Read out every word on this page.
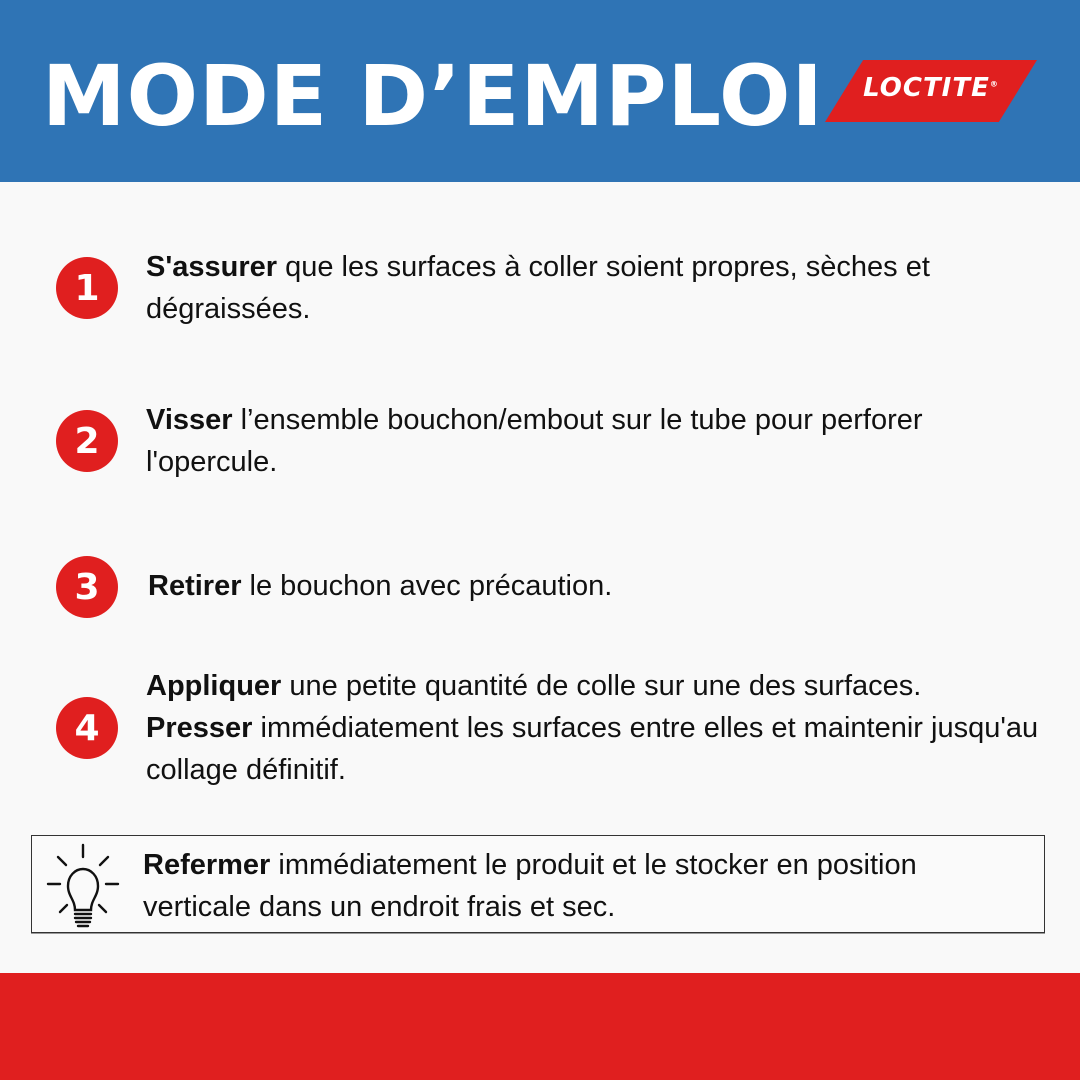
MODE D’EMPLOI	LOCTITE®
1
S'assurer que les surfaces à coller soient propres, sèches et dégraissées.
2
Visser l’ensemble bouchon/embout sur le tube pour perforer l'opercule.
3	Retirer le bouchon avec précaution.
4
Appliquer une petite quantité de colle sur une des surfaces.
Presser immédiatement les surfaces entre elles et maintenir jusqu'au collage définitif.
Refermer immédiatement le produit et le stocker en position verticale dans un endroit frais et sec.
